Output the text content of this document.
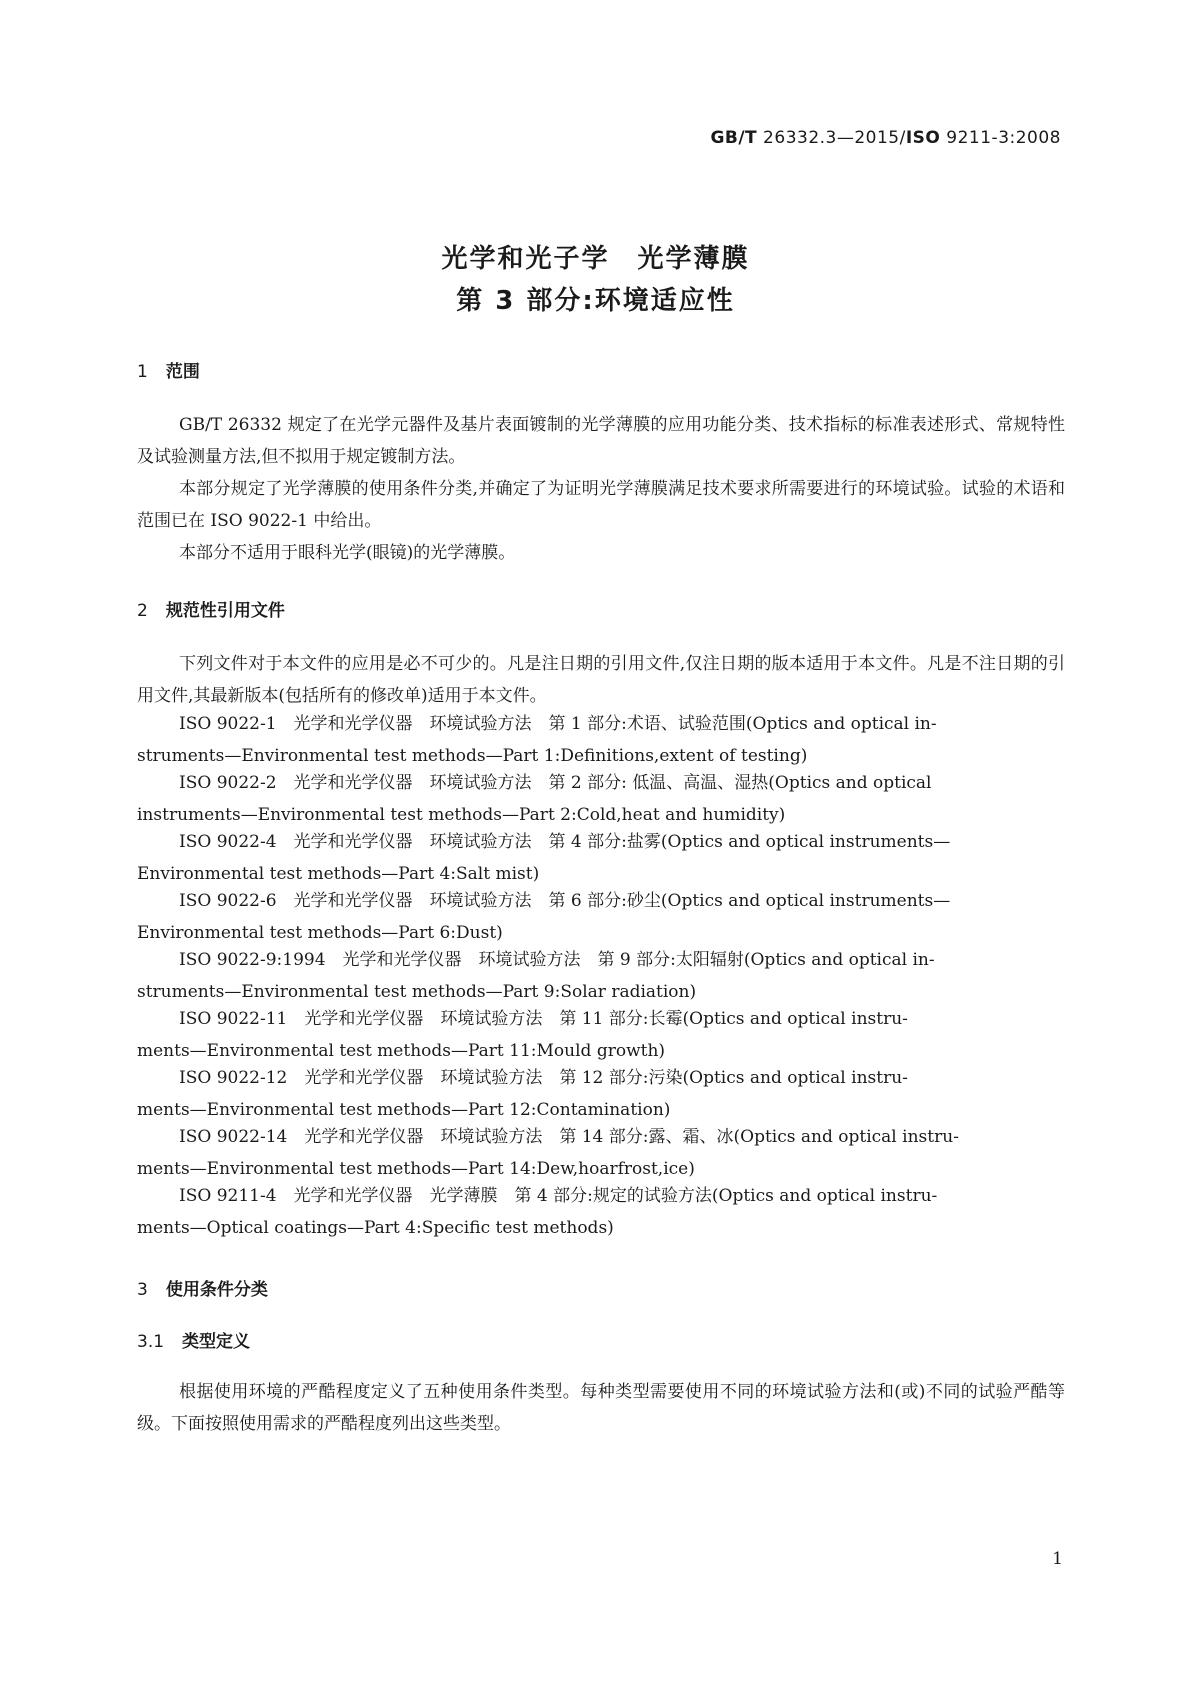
GB/T 26332.3—2015/ISO 9211-3:2008
光学和光子学　光学薄膜
第 3 部分:环境适应性
1 范围
GB/T 26332 规定了在光学元器件及基片表面镀制的光学薄膜的应用功能分类、技术指标的标准表述形式、常规特性及试验测量方法,但不拟用于规定镀制方法。
本部分规定了光学薄膜的使用条件分类,并确定了为证明光学薄膜满足技术要求所需要进行的环境试验。试验的术语和范围已在 ISO 9022-1 中给出。
本部分不适用于眼科光学(眼镜)的光学薄膜。
2 规范性引用文件
下列文件对于本文件的应用是必不可少的。凡是注日期的引用文件,仅注日期的版本适用于本文件。凡是不注日期的引用文件,其最新版本(包括所有的修改单)适用于本文件。
ISO 9022-1　光学和光学仪器　环境试验方法　第 1 部分:术语、试验范围(Optics and optical in-
struments—Environmental test methods—Part 1:Definitions,extent of testing)
ISO 9022-2　光学和光学仪器　环境试验方法　第 2 部分: 低温、高温、湿热(Optics and optical
instruments—Environmental test methods—Part 2:Cold,heat and humidity)
ISO 9022-4　光学和光学仪器　环境试验方法　第 4 部分:盐雾(Optics and optical instruments—
Environmental test methods—Part 4:Salt mist)
ISO 9022-6　光学和光学仪器　环境试验方法　第 6 部分:砂尘(Optics and optical instruments—
Environmental test methods—Part 6:Dust)
ISO 9022-9:1994　光学和光学仪器　环境试验方法　第 9 部分:太阳辐射(Optics and optical in-
struments—Environmental test methods—Part 9:Solar radiation)
ISO 9022-11　光学和光学仪器　环境试验方法　第 11 部分:长霉(Optics and optical instru-
ments—Environmental test methods—Part 11:Mould growth)
ISO 9022-12　光学和光学仪器　环境试验方法　第 12 部分:污染(Optics and optical instru-
ments—Environmental test methods—Part 12:Contamination)
ISO 9022-14　光学和光学仪器　环境试验方法　第 14 部分:露、霜、冰(Optics and optical instru-
ments—Environmental test methods—Part 14:Dew,hoarfrost,ice)
ISO 9211-4　光学和光学仪器　光学薄膜　第 4 部分:规定的试验方法(Optics and optical instru-
ments—Optical coatings—Part 4:Specific test methods)
3 使用条件分类
3.1 类型定义
根据使用环境的严酷程度定义了五种使用条件类型。每种类型需要使用不同的环境试验方法和(或)不同的试验严酷等级。下面按照使用需求的严酷程度列出这些类型。
1
